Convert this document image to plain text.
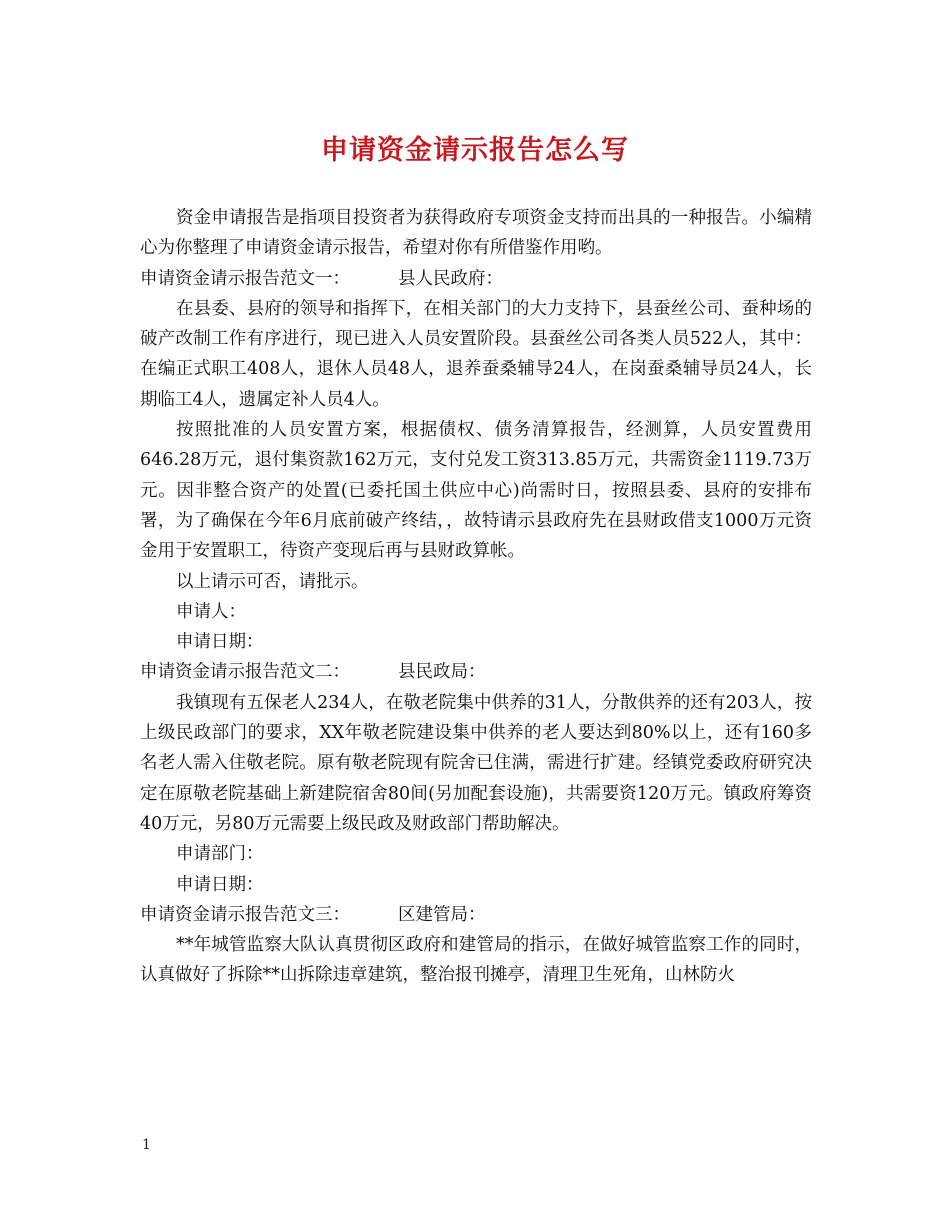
申请资金请示报告怎么写

资金申请报告是指项目投资者为获得政府专项资金支持而出具的一种报告。小编精心为你整理了申请资金请示报告，希望对你有所借鉴作用哟。

申请资金请示报告范文一：	县人民政府：

在县委、县府的领导和指挥下，在相关部门的大力支持下，县蚕丝公司、蚕种场的破产改制工作有序进行，现已进入人员安置阶段。县蚕丝公司各类人员522人，其中：在编正式职工408人，退休人员48人，退养蚕桑辅导24人，在岗蚕桑辅导员24人，长期临工4人，遗属定补人员4人。

按照批准的人员安置方案，根据债权、债务清算报告，经测算，人员安置费用646.28万元，退付集资款162万元，支付兑发工资313.85万元，共需资金1119.73万元。因非整合资产的处置(已委托国土供应中心)尚需时日，按照县委、县府的安排布署，为了确保在今年6月底前破产终结，，故特请示县政府先在县财政借支1000万元资金用于安置职工，待资产变现后再与县财政算帐。

以上请示可否，请批示。

申请人：

申请日期：

申请资金请示报告范文二：	县民政局：

我镇现有五保老人234人，在敬老院集中供养的31人，分散供养的还有203人，按上级民政部门的要求，XX年敬老院建设集中供养的老人要达到80%以上，还有160多名老人需入住敬老院。原有敬老院现有院舍已住满，需进行扩建。经镇党委政府研究决定在原敬老院基础上新建院宿舍80间(另加配套设施)，共需要资120万元。镇政府筹资40万元，另80万元需要上级民政及财政部门帮助解决。

申请部门：

申请日期：

申请资金请示报告范文三：	区建管局：

**年城管监察大队认真贯彻区政府和建管局的指示，在做好城管监察工作的同时，认真做好了拆除**山拆除违章建筑，整治报刊摊亭，清理卫生死角，山林防火

1
